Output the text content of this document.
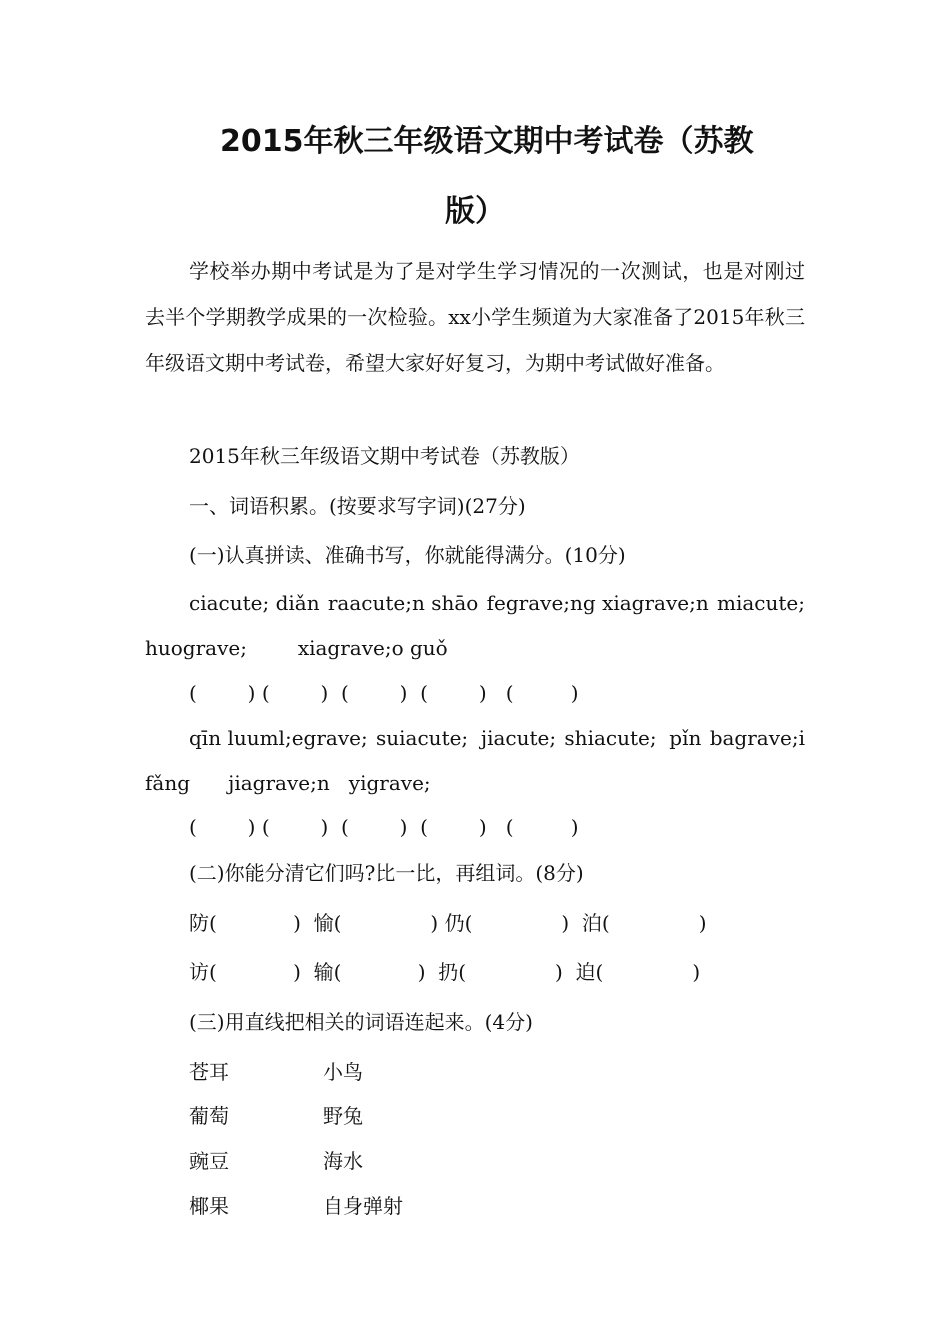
2015年秋三年级语文期中考试卷（苏教
版）

学校举办期中考试是为了是对学生学习情况的一次测试，也是对刚过去半个学期教学成果的一次检验。xx小学生频道为大家准备了2015年秋三年级语文期中考试卷，希望大家好好复习，为期中考试做好准备。

2015年秋三年级语文期中考试卷（苏教版）
一、词语积累。(按要求写字词)(27分)
(一)认真拼读、准确书写，你就能得满分。(10分)
ciacute; diǎn raacute;n shāo fegrave;ng xiagrave;n miacute;
huograve;        xiagrave;o guǒ
(        ) (        )  (        )  (        )   (         )
qīn luuml;egrave; suiacute;  jiacute; shiacute;  pǐn bagrave;i
fǎng      jiagrave;n   yigrave;
(        ) (        )  (        )  (        )   (         )
(二)你能分清它们吗?比一比，再组词。(8分)
防(            )  愉(              ) 仍(              )  泊(              )
访(            )  输(            )  扔(              )  迫(              )
(三)用直线把相关的词语连起来。(4分)
苍耳	小鸟
葡萄	野兔
豌豆	海水
椰果	自身弹射
